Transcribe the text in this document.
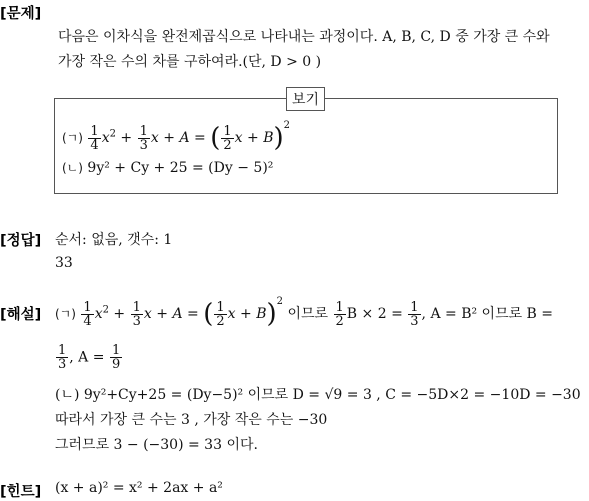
[문제]
다음은 이차식을 완전제곱식으로 나타내는 과정이다. A, B, C, D 중 가장 큰 수와
가장 작은 수의 차를 구하여라.(단, D > 0 )
보기
(ㄱ) $\frac{1}{4} x^2 + \frac{1}{3}$ x + A = ( $\frac{1}{2}$ x + B)$^2$
(ㄴ) 9y² + Cy + 25 = (Dy − 5)²
[정답] 순서: 없음, 갯수: 1
33
[해설] (ㄱ) $\frac{1}{4} x^2 + \frac{1}{3}$ x + A = ( $\frac{1}{2}$ x + B)$^2$ 이므로 $\frac{1}{2}$ $B \times 2 = \frac{1}{3}$ , A = B² 이므로 B =
$\frac{1}{3}$ , $A = \frac{1}{9}$
(ㄴ) 9y²+Cy+25 = (Dy−5)² 이므로 D = √9 = 3 , C = −5D×2 = −10D = −30
따라서 가장 큰 수는 3 , 가장 작은 수는 −30
그러므로 3 − (−30) = 33 이다.
[힌트] (x + a)² = x² + 2ax + a²
